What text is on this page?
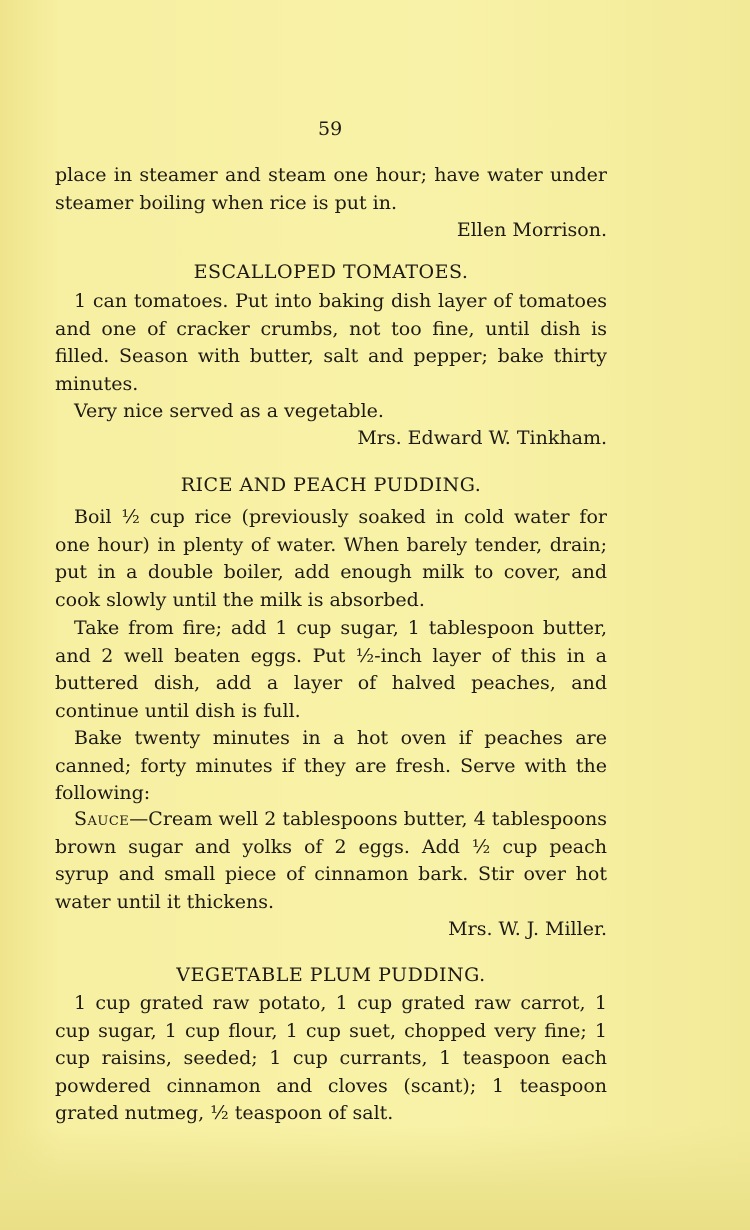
59

place in steamer and steam one hour; have water under steamer boiling when rice is put in.

Ellen Morrison.

ESCALLOPED TOMATOES.

1 can tomatoes. Put into baking dish layer of tomatoes and one of cracker crumbs, not too fine, until dish is filled. Season with butter, salt and pepper; bake thirty minutes.

Very nice served as a vegetable.

Mrs. Edward W. Tinkham.

RICE AND PEACH PUDDING.

Boil ½ cup rice (previously soaked in cold water for one hour) in plenty of water. When barely tender, drain; put in a double boiler, add enough milk to cover, and cook slowly until the milk is absorbed.

Take from fire; add 1 cup sugar, 1 tablespoon butter, and 2 well beaten eggs. Put ½-inch layer of this in a buttered dish, add a layer of halved peaches, and continue until dish is full.

Bake twenty minutes in a hot oven if peaches are canned; forty minutes if they are fresh. Serve with the following:

Sauce—Cream well 2 tablespoons butter, 4 tablespoons brown sugar and yolks of 2 eggs. Add ½ cup peach syrup and small piece of cinnamon bark. Stir over hot water until it thickens.

Mrs. W. J. Miller.

VEGETABLE PLUM PUDDING.

1 cup grated raw potato, 1 cup grated raw carrot, 1 cup sugar, 1 cup flour, 1 cup suet, chopped very fine; 1 cup raisins, seeded; 1 cup currants, 1 teaspoon each powdered cinnamon and cloves (scant); 1 teaspoon grated nutmeg, ½ teaspoon of salt.
